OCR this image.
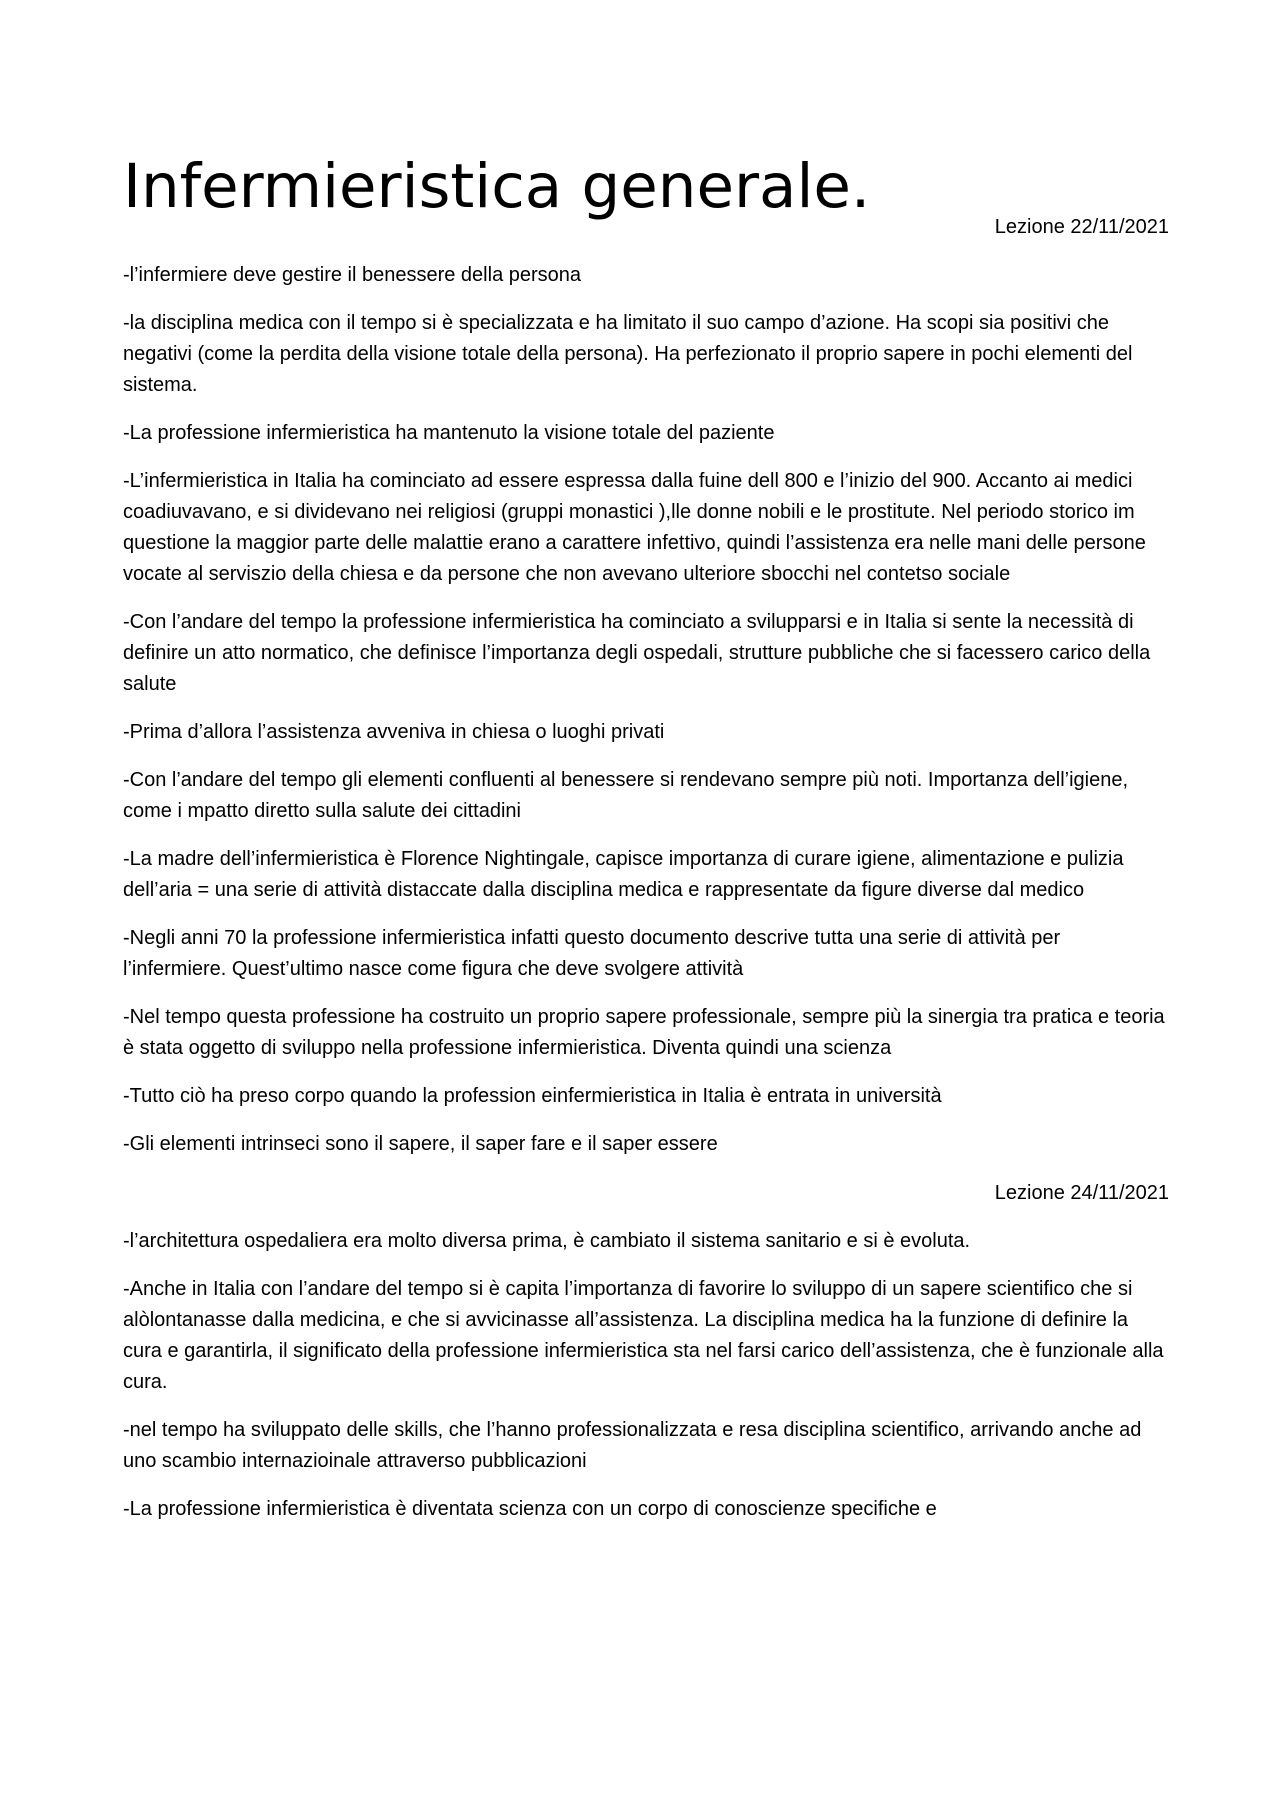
Infermieristica generale.

Lezione 22/11/2021

-l’infermiere deve gestire il benessere della persona

-la disciplina medica con il tempo si è specializzata e ha limitato il suo campo d’azione. Ha scopi sia positivi che negativi (come la perdita della visione totale della persona). Ha perfezionato il proprio sapere in pochi elementi del sistema.

-La professione infermieristica ha mantenuto la visione totale del paziente

-L’infermieristica in Italia ha cominciato ad essere espressa dalla fuine dell 800 e l’inizio del 900. Accanto ai medici coadiuvavano, e si dividevano nei religiosi (gruppi monastici ),lle donne nobili e le prostitute. Nel periodo storico im questione la maggior parte delle malattie erano a carattere infettivo, quindi l’assistenza era nelle mani delle persone vocate al serviszio della chiesa e da persone che non avevano ulteriore sbocchi nel contetso sociale

-Con l’andare del tempo la professione infermieristica ha cominciato a svilupparsi e in Italia si sente la necessità di definire un atto normatico, che definisce l’importanza degli ospedali, strutture pubbliche che si facessero carico della salute

-Prima d’allora l’assistenza avveniva in chiesa o luoghi privati

-Con l’andare del tempo gli elementi confluenti al benessere si rendevano sempre più noti. Importanza dell’igiene, come i mpatto diretto sulla salute dei cittadini

-La madre dell’infermieristica è Florence Nightingale, capisce importanza di curare igiene, alimentazione e pulizia dell’aria = una serie di attività distaccate dalla disciplina medica e rappresentate da figure diverse dal medico

-Negli anni 70 la professione infermieristica infatti questo documento descrive tutta una serie di attività per l’infermiere. Quest’ultimo nasce come figura che deve svolgere attività

-Nel tempo questa professione ha costruito un proprio sapere professionale, sempre più la sinergia tra pratica e teoria è stata oggetto di sviluppo nella professione infermieristica. Diventa quindi una scienza

-Tutto ciò ha preso corpo quando la profession einfermieristica in Italia è entrata in università

-Gli elementi intrinseci sono il sapere, il saper fare e il saper essere

Lezione 24/11/2021

-l’architettura ospedaliera era molto diversa prima, è cambiato il sistema sanitario e si è evoluta.

-Anche in Italia con l’andare del tempo si è capita l’importanza di favorire lo sviluppo di un sapere scientifico che si alòlontanasse dalla medicina, e che si avvicinasse all’assistenza. La disciplina medica ha la funzione di definire la cura e garantirla, il significato della professione infermieristica sta nel farsi carico dell’assistenza, che è funzionale alla cura.

-nel tempo ha sviluppato delle skills, che l’hanno professionalizzata e resa disciplina scientifico, arrivando anche ad uno scambio internazioinale attraverso pubblicazioni

-La professione infermieristica è diventata scienza con un corpo di conoscienze specifiche e
